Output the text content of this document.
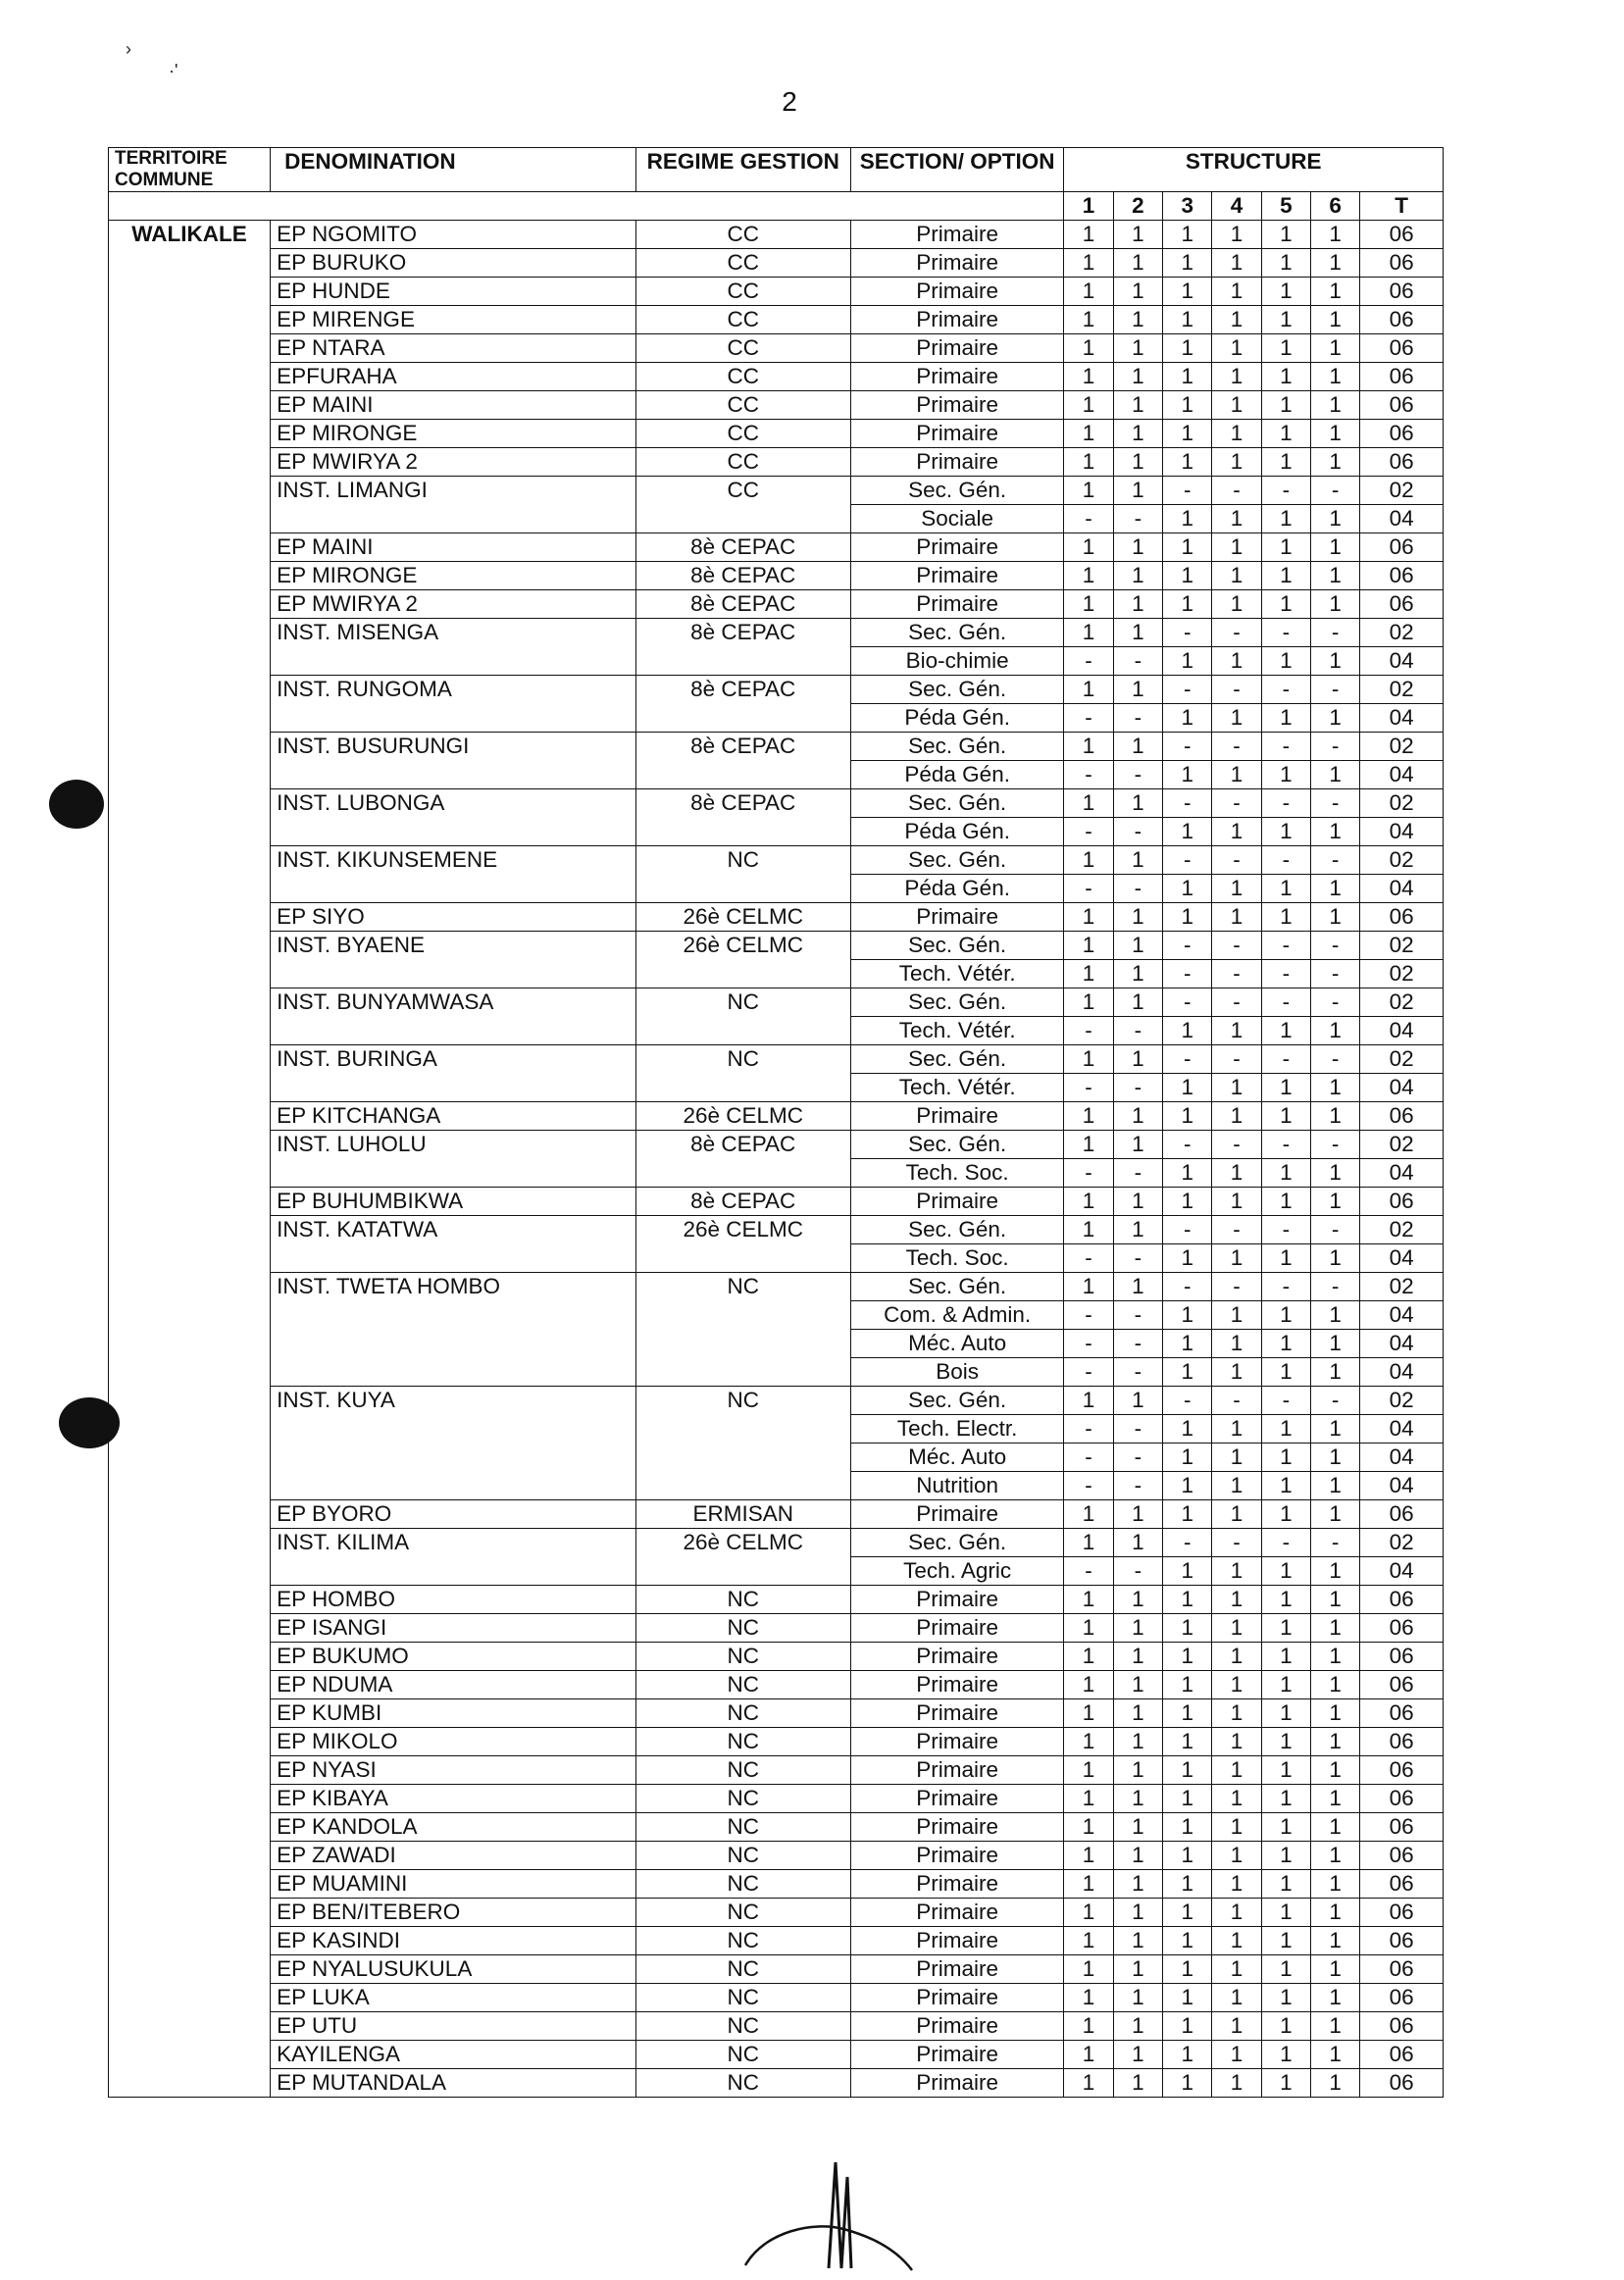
2
›
·'
TERRITOIRE COMMUNE	DENOMINATION	REGIME GESTION	SECTION/ OPTION	STRUCTURE						
				1	2	3	4	5	6	T
WALIKALE	EP NGOMITO	CC	Primaire	1	1	1	1	1	1	06
	EP BURUKO	CC	Primaire	1	1	1	1	1	1	06
	EP HUNDE	CC	Primaire	1	1	1	1	1	1	06
	EP MIRENGE	CC	Primaire	1	1	1	1	1	1	06
	EP NTARA	CC	Primaire	1	1	1	1	1	1	06
	EPFURAHA	CC	Primaire	1	1	1	1	1	1	06
	EP MAINI	CC	Primaire	1	1	1	1	1	1	06
	EP MIRONGE	CC	Primaire	1	1	1	1	1	1	06
	EP MWIRYA 2	CC	Primaire	1	1	1	1	1	1	06
	INST. LIMANGI	CC	Sec. Gén.	1	1	-	-	-	-	02
			Sociale	-	-	1	1	1	1	04
	EP MAINI	8è CEPAC	Primaire	1	1	1	1	1	1	06
	EP MIRONGE	8è CEPAC	Primaire	1	1	1	1	1	1	06
	EP MWIRYA 2	8è CEPAC	Primaire	1	1	1	1	1	1	06
	INST. MISENGA	8è CEPAC	Sec. Gén.	1	1	-	-	-	-	02
			Bio-chimie	-	-	1	1	1	1	04
	INST. RUNGOMA	8è CEPAC	Sec. Gén.	1	1	-	-	-	-	02
			Péda Gén.	-	-	1	1	1	1	04
	INST. BUSURUNGI	8è CEPAC	Sec. Gén.	1	1	-	-	-	-	02
			Péda Gén.	-	-	1	1	1	1	04
	INST. LUBONGA	8è CEPAC	Sec. Gén.	1	1	-	-	-	-	02
			Péda Gén.	-	-	1	1	1	1	04
	INST. KIKUNSEMENE	NC	Sec. Gén.	1	1	-	-	-	-	02
			Péda Gén.	-	-	1	1	1	1	04
	EP SIYO	26è CELMC	Primaire	1	1	1	1	1	1	06
	INST. BYAENE	26è CELMC	Sec. Gén.	1	1	-	-	-	-	02
			Tech. Vétér.	1	1	-	-	-	-	02
	INST. BUNYAMWASA	NC	Sec. Gén.	1	1	-	-	-	-	02
			Tech. Vétér.	-	-	1	1	1	1	04
	INST. BURINGA	NC	Sec. Gén.	1	1	-	-	-	-	02
			Tech. Vétér.	-	-	1	1	1	1	04
	EP KITCHANGA	26è CELMC	Primaire	1	1	1	1	1	1	06
	INST. LUHOLU	8è CEPAC	Sec. Gén.	1	1	-	-	-	-	02
			Tech. Soc.	-	-	1	1	1	1	04
	EP BUHUMBIKWA	8è CEPAC	Primaire	1	1	1	1	1	1	06
	INST. KATATWA	26è CELMC	Sec. Gén.	1	1	-	-	-	-	02
			Tech. Soc.	-	-	1	1	1	1	04
	INST. TWETA HOMBO	NC	Sec. Gén.	1	1	-	-	-	-	02
			Com. & Admin.	-	-	1	1	1	1	04
			Méc. Auto	-	-	1	1	1	1	04
			Bois	-	-	1	1	1	1	04
	INST. KUYA	NC	Sec. Gén.	1	1	-	-	-	-	02
			Tech. Electr.	-	-	1	1	1	1	04
			Méc. Auto	-	-	1	1	1	1	04
			Nutrition	-	-	1	1	1	1	04
	EP BYORO	ERMISAN	Primaire	1	1	1	1	1	1	06
	INST. KILIMA	26è CELMC	Sec. Gén.	1	1	-	-	-	-	02
			Tech. Agric	-	-	1	1	1	1	04
	EP HOMBO	NC	Primaire	1	1	1	1	1	1	06
	EP ISANGI	NC	Primaire	1	1	1	1	1	1	06
	EP BUKUMO	NC	Primaire	1	1	1	1	1	1	06
	EP NDUMA	NC	Primaire	1	1	1	1	1	1	06
	EP KUMBI	NC	Primaire	1	1	1	1	1	1	06
	EP MIKOLO	NC	Primaire	1	1	1	1	1	1	06
	EP NYASI	NC	Primaire	1	1	1	1	1	1	06
	EP KIBAYA	NC	Primaire	1	1	1	1	1	1	06
	EP KANDOLA	NC	Primaire	1	1	1	1	1	1	06
	EP ZAWADI	NC	Primaire	1	1	1	1	1	1	06
	EP MUAMINI	NC	Primaire	1	1	1	1	1	1	06
	EP BEN/ITEBERO	NC	Primaire	1	1	1	1	1	1	06
	EP KASINDI	NC	Primaire	1	1	1	1	1	1	06
	EP NYALUSUKULA	NC	Primaire	1	1	1	1	1	1	06
	EP LUKA	NC	Primaire	1	1	1	1	1	1	06
	EP UTU	NC	Primaire	1	1	1	1	1	1	06
	KAYILENGA	NC	Primaire	1	1	1	1	1	1	06
	EP MUTANDALA	NC	Primaire	1	1	1	1	1	1	06
